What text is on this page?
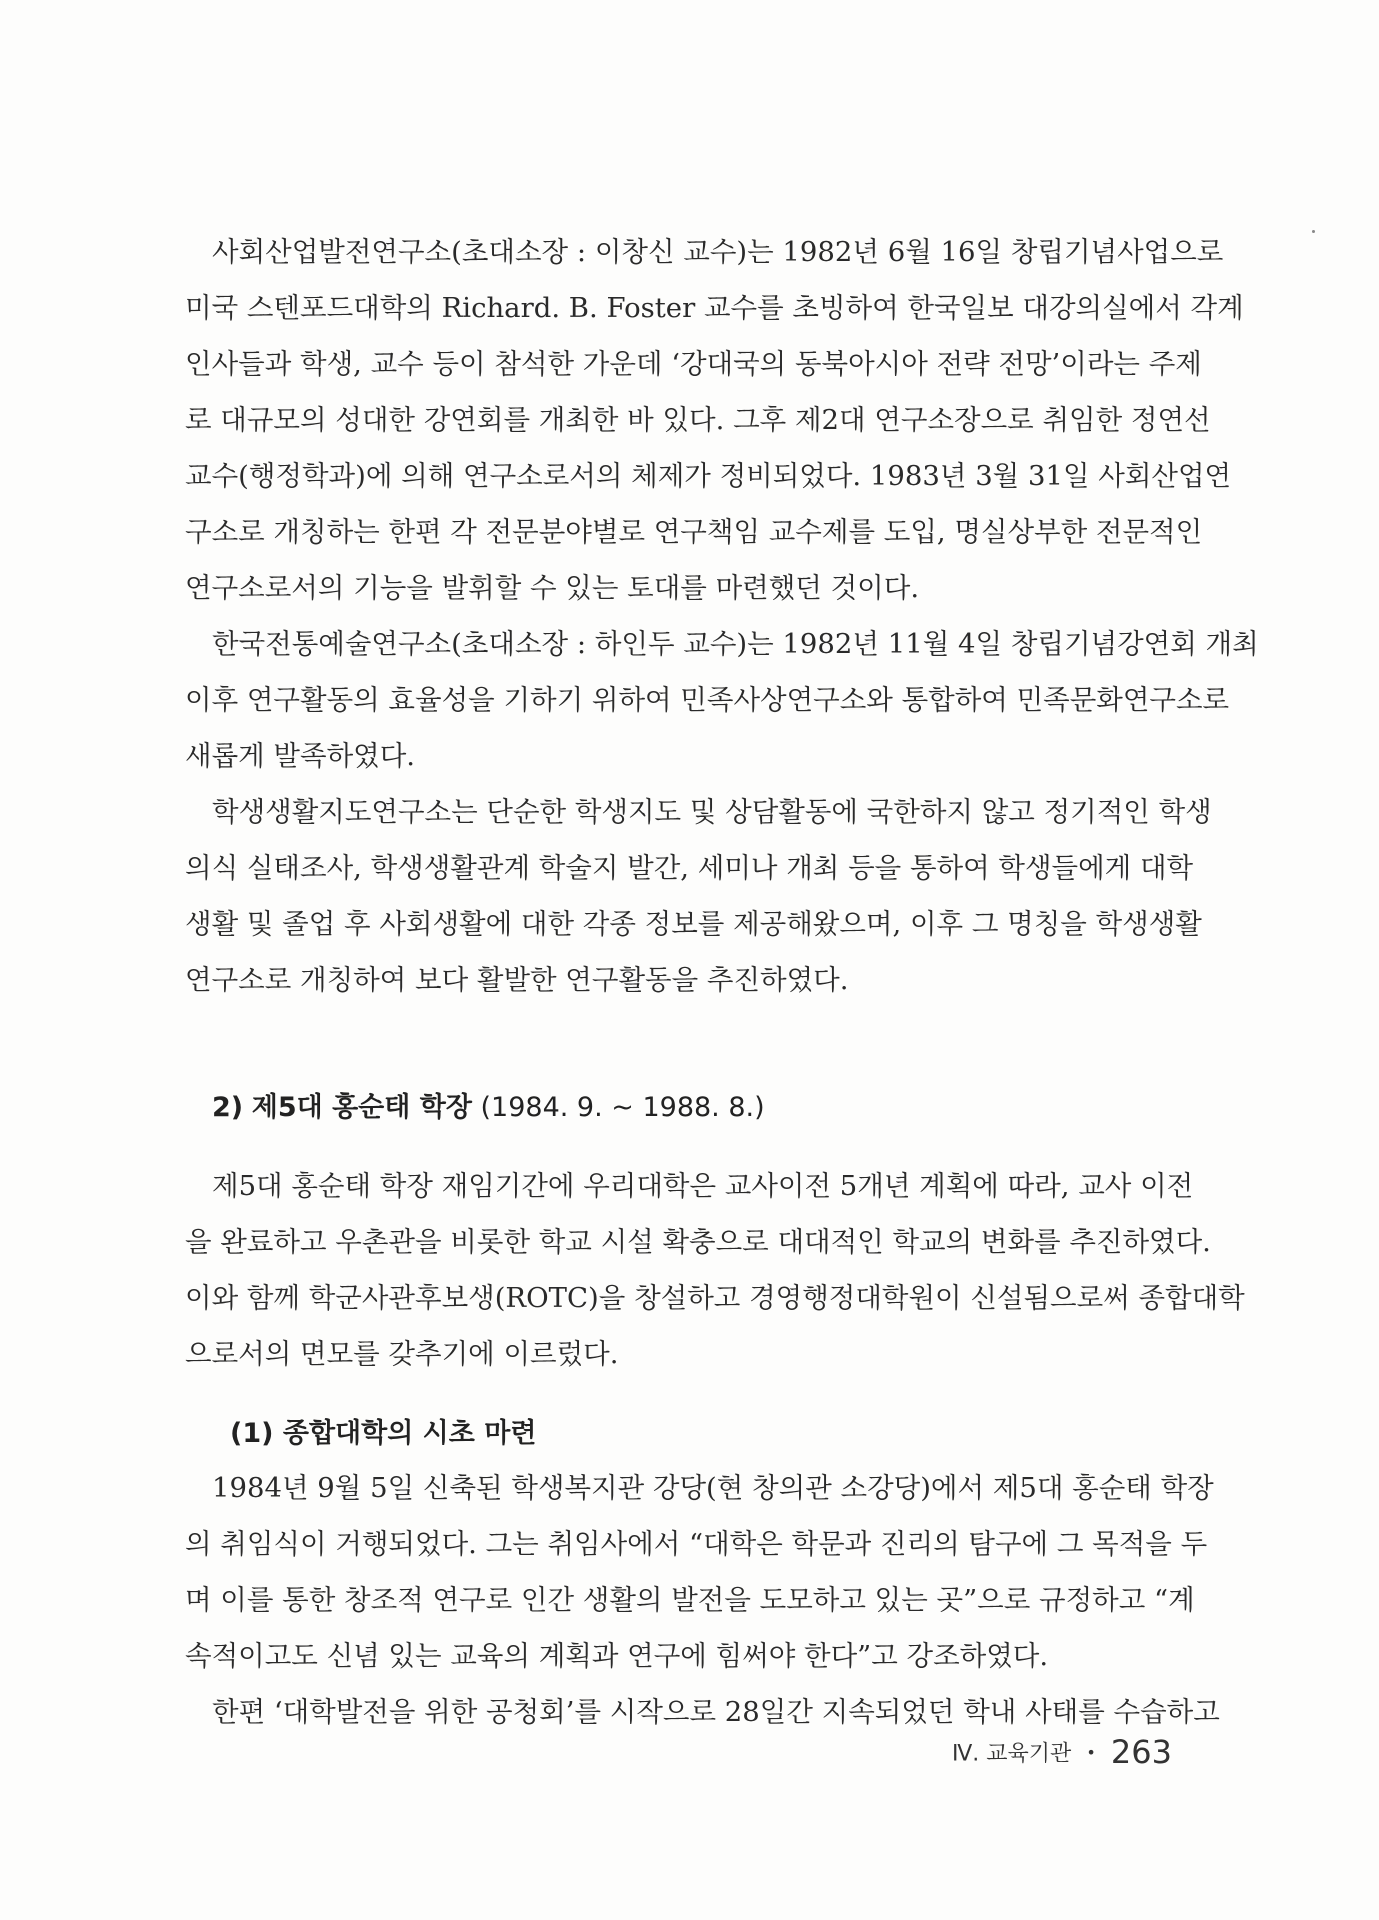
사회산업발전연구소(초대소장 : 이창신 교수)는 1982년 6월 16일 창립기념사업으로
미국 스텐포드대학의 Richard. B. Foster 교수를 초빙하여 한국일보 대강의실에서 각계
인사들과 학생, 교수 등이 참석한 가운데 ‘강대국의 동북아시아 전략 전망’이라는 주제
로 대규모의 성대한 강연회를 개최한 바 있다. 그후 제2대 연구소장으로 취임한 정연선
교수(행정학과)에 의해 연구소로서의 체제가 정비되었다. 1983년 3월 31일 사회산업연
구소로 개칭하는 한편 각 전문분야별로 연구책임 교수제를 도입, 명실상부한 전문적인
연구소로서의 기능을 발휘할 수 있는 토대를 마련했던 것이다.
한국전통예술연구소(초대소장 : 하인두 교수)는 1982년 11월 4일 창립기념강연회 개최
이후 연구활동의 효율성을 기하기 위하여 민족사상연구소와 통합하여 민족문화연구소로
새롭게 발족하였다.
학생생활지도연구소는 단순한 학생지도 및 상담활동에 국한하지 않고 정기적인 학생
의식 실태조사, 학생생활관계 학술지 발간, 세미나 개최 등을 통하여 학생들에게 대학
생활 및 졸업 후 사회생활에 대한 각종 정보를 제공해왔으며, 이후 그 명칭을 학생생활
연구소로 개칭하여 보다 활발한 연구활동을 추진하였다.
2) 제5대 홍순태 학장 (1984. 9. ~ 1988. 8.)
제5대 홍순태 학장 재임기간에 우리대학은 교사이전 5개년 계획에 따라, 교사 이전
을 완료하고 우촌관을 비롯한 학교 시설 확충으로 대대적인 학교의 변화를 추진하였다.
이와 함께 학군사관후보생(ROTC)을 창설하고 경영행정대학원이 신설됨으로써 종합대학
으로서의 면모를 갖추기에 이르렀다.
(1) 종합대학의 시초 마련
1984년 9월 5일 신축된 학생복지관 강당(현 창의관 소강당)에서 제5대 홍순태 학장
의 취임식이 거행되었다. 그는 취임사에서 “대학은 학문과 진리의 탐구에 그 목적을 두
며 이를 통한 창조적 연구로 인간 생활의 발전을 도모하고 있는 곳”으로 규정하고 “계
속적이고도 신념 있는 교육의 계획과 연구에 힘써야 한다”고 강조하였다.
한편 ‘대학발전을 위한 공청회’를 시작으로 28일간 지속되었던 학내 사태를 수습하고
Ⅳ. 교육기관 • 263
